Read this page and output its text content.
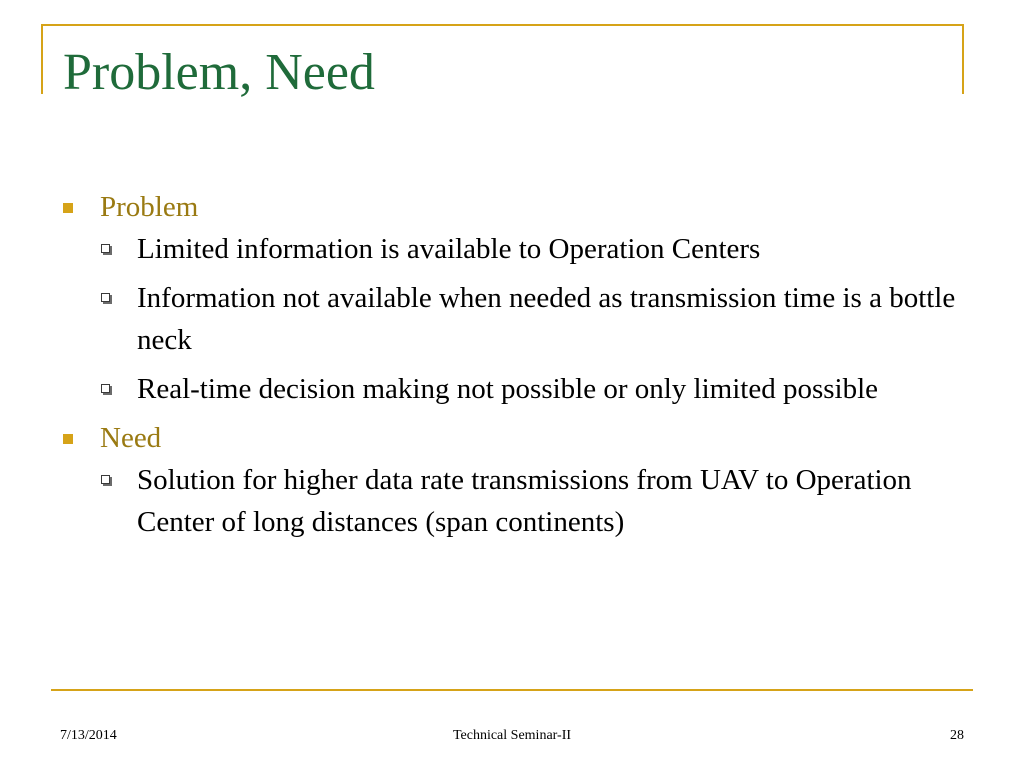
Problem, Need
Problem
Limited information is available to Operation Centers
Information not available when needed as transmission time is a bottle neck
Real-time decision making not possible or only limited possible
Need
Solution for higher data rate transmissions from UAV to Operation Center of long distances (span continents)
7/13/2014	Technical Seminar-II	28
